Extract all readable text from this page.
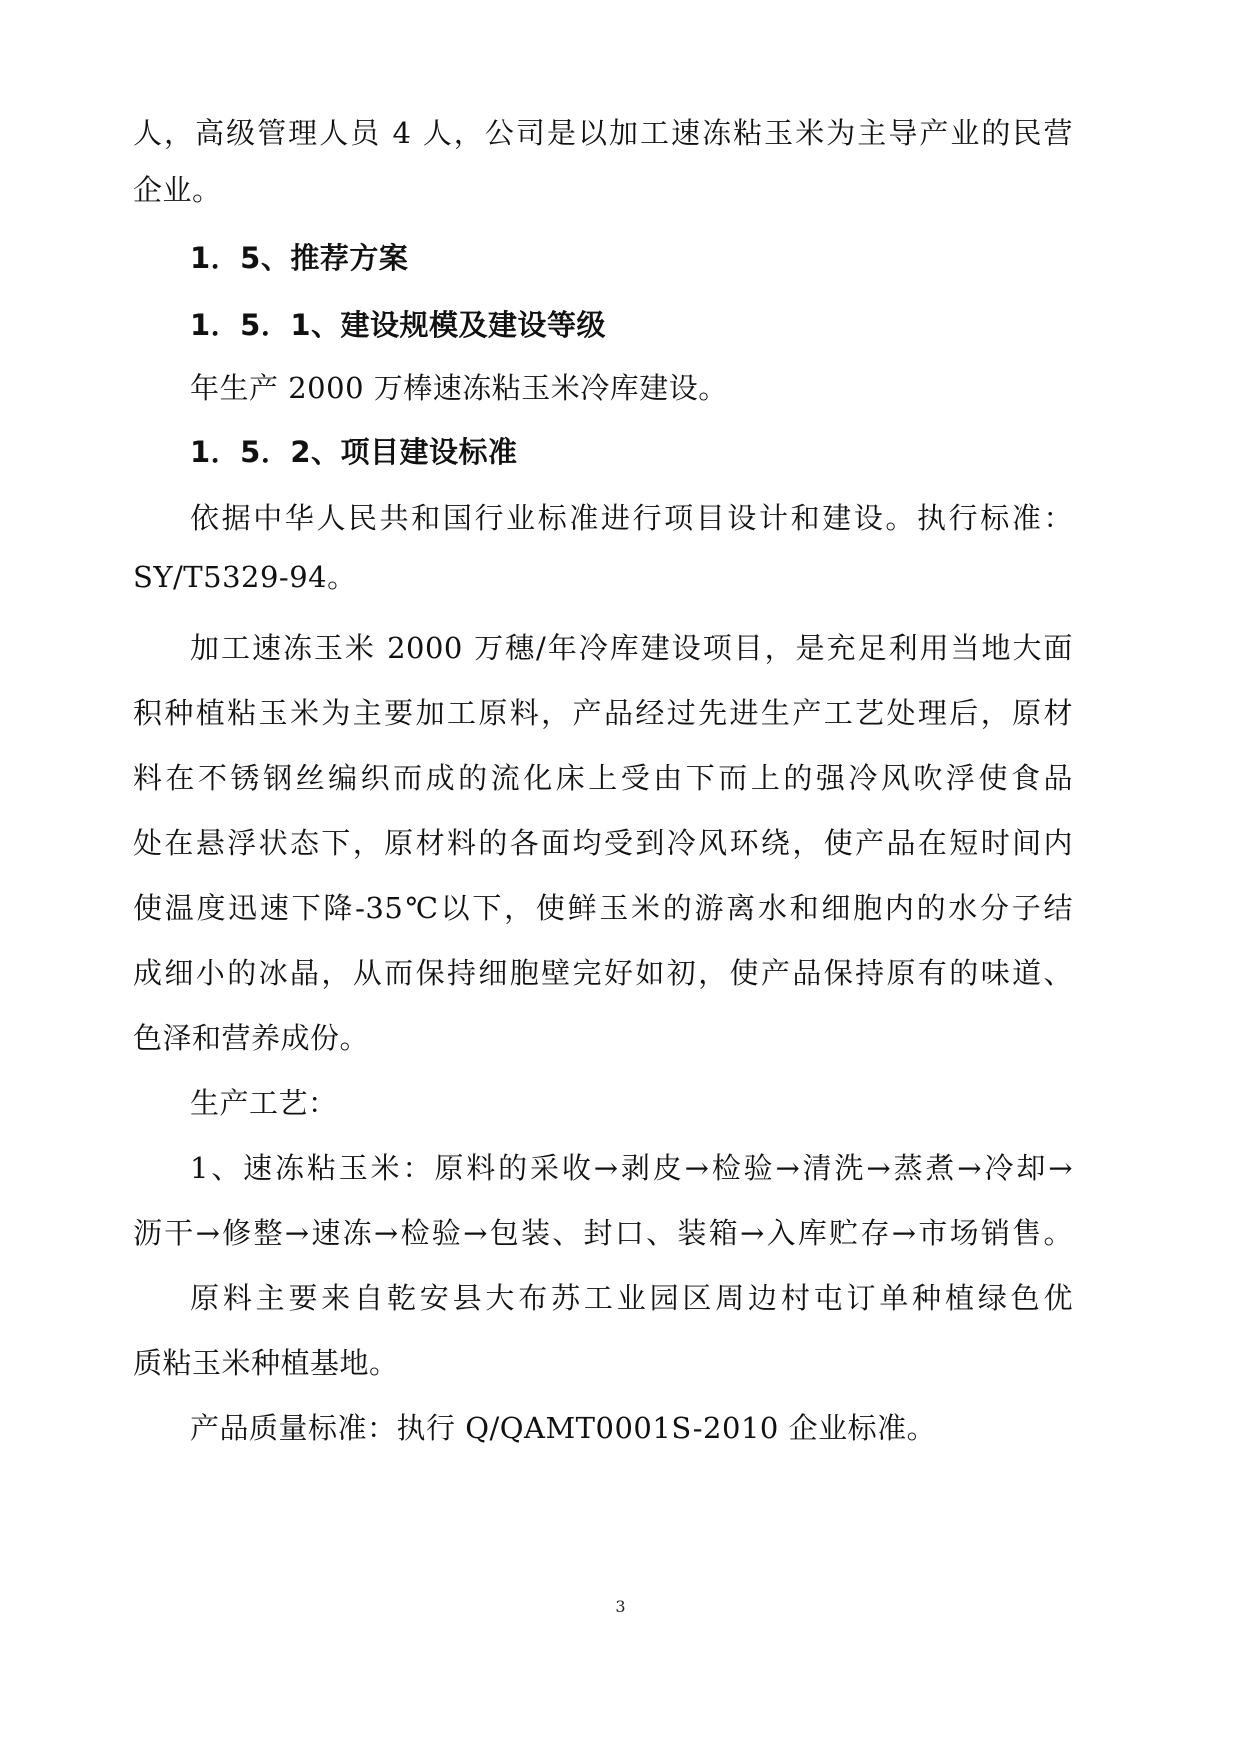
人，高级管理人员 4 人，公司是以加工速冻粘玉米为主导产业的民营
企业。
1．5、推荐方案
1．5．1、建设规模及建设等级
年生产 2000 万棒速冻粘玉米冷库建设。
1．5．2、项目建设标准
依据中华人民共和国行业标准进行项目设计和建设。执行标准：
SY/T5329-94。
加工速冻玉米 2000 万穗/年冷库建设项目，是充足利用当地大面
积种植粘玉米为主要加工原料，产品经过先进生产工艺处理后，原材
料在不锈钢丝编织而成的流化床上受由下而上的强冷风吹浮使食品
处在悬浮状态下，原材料的各面均受到冷风环绕，使产品在短时间内
使温度迅速下降-35℃以下，使鲜玉米的游离水和细胞内的水分子结
成细小的冰晶，从而保持细胞壁完好如初，使产品保持原有的味道、
色泽和营养成份。
生产工艺：
1、速冻粘玉米：原料的采收→剥皮→检验→清洗→蒸煮→冷却→
沥干→修整→速冻→检验→包装、封口、装箱→入库贮存→市场销售。
原料主要来自乾安县大布苏工业园区周边村屯订单种植绿色优
质粘玉米种植基地。
产品质量标准：执行 Q/QAMT0001S-2010 企业标准。
3
